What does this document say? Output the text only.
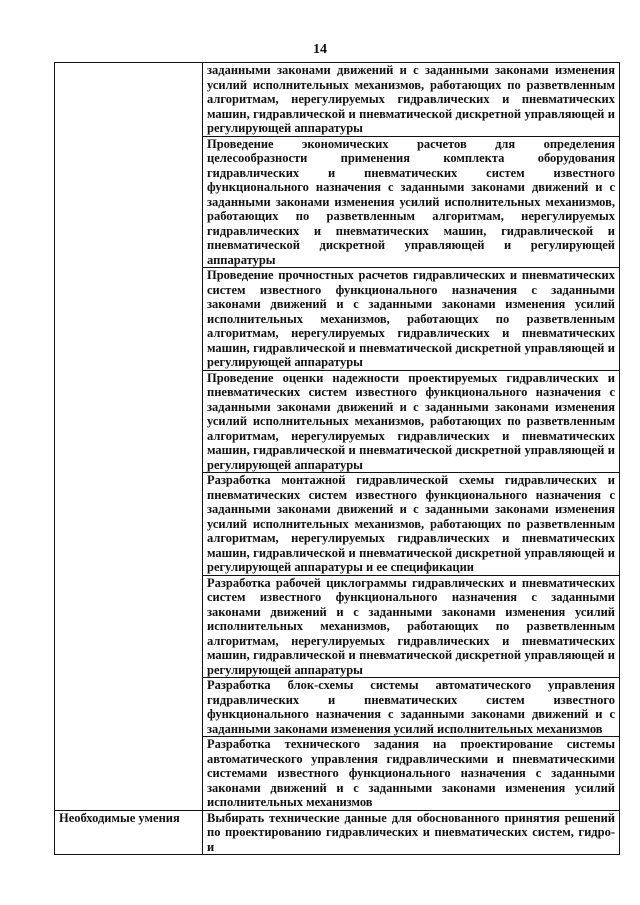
14

	заданными законами движений и с заданными законами изменения усилий исполнительных механизмов, работающих по разветвленным алгоритмам, нерегулируемых гидравлических и пневматических машин, гидравлической и пневматической дискретной управляющей и регулирующей аппаратуры

	Проведение экономических расчетов для определения целесообразности применения комплекта оборудования гидравлических и пневматических систем известного функционального назначения с заданными законами движений и с заданными законами изменения усилий исполнительных механизмов, работающих по разветвленным алгоритмам, нерегулируемых гидравлических и пневматических машин, гидравлической и пневматической дискретной управляющей и регулирующей аппаратуры

	Проведение прочностных расчетов гидравлических и пневматических систем известного функционального назначения с заданными законами движений и с заданными законами изменения усилий исполнительных механизмов, работающих по разветвленным алгоритмам, нерегулируемых гидравлических и пневматических машин, гидравлической и пневматической дискретной управляющей и регулирующей аппаратуры

	Проведение оценки надежности проектируемых гидравлических и пневматических систем известного функционального назначения с заданными законами движений и с заданными законами изменения усилий исполнительных механизмов, работающих по разветвленным алгоритмам, нерегулируемых гидравлических и пневматических машин, гидравлической и пневматической дискретной управляющей и регулирующей аппаратуры

	Разработка монтажной гидравлической схемы гидравлических и пневматических систем известного функционального назначения с заданными законами движений и с заданными законами изменения усилий исполнительных механизмов, работающих по разветвленным алгоритмам, нерегулируемых гидравлических и пневматических машин, гидравлической и пневматической дискретной управляющей и регулирующей аппаратуры и ее спецификации

	Разработка рабочей циклограммы гидравлических и пневматических систем известного функционального назначения с заданными законами движений и с заданными законами изменения усилий исполнительных механизмов, работающих по разветвленным алгоритмам, нерегулируемых гидравлических и пневматических машин, гидравлической и пневматической дискретной управляющей и регулирующей аппаратуры

	Разработка блок-схемы системы автоматического управления гидравлических и пневматических систем известного функционального назначения с заданными законами движений и с заданными законами изменения усилий исполнительных механизмов

	Разработка технического задания на проектирование системы автоматического управления гидравлическими и пневматическими системами известного функционального назначения с заданными законами движений и с заданными законами изменения усилий исполнительных механизмов

Необходимые умения	Выбирать технические данные для обоснованного принятия решений по проектированию гидравлических и пневматических систем, гидро- и
